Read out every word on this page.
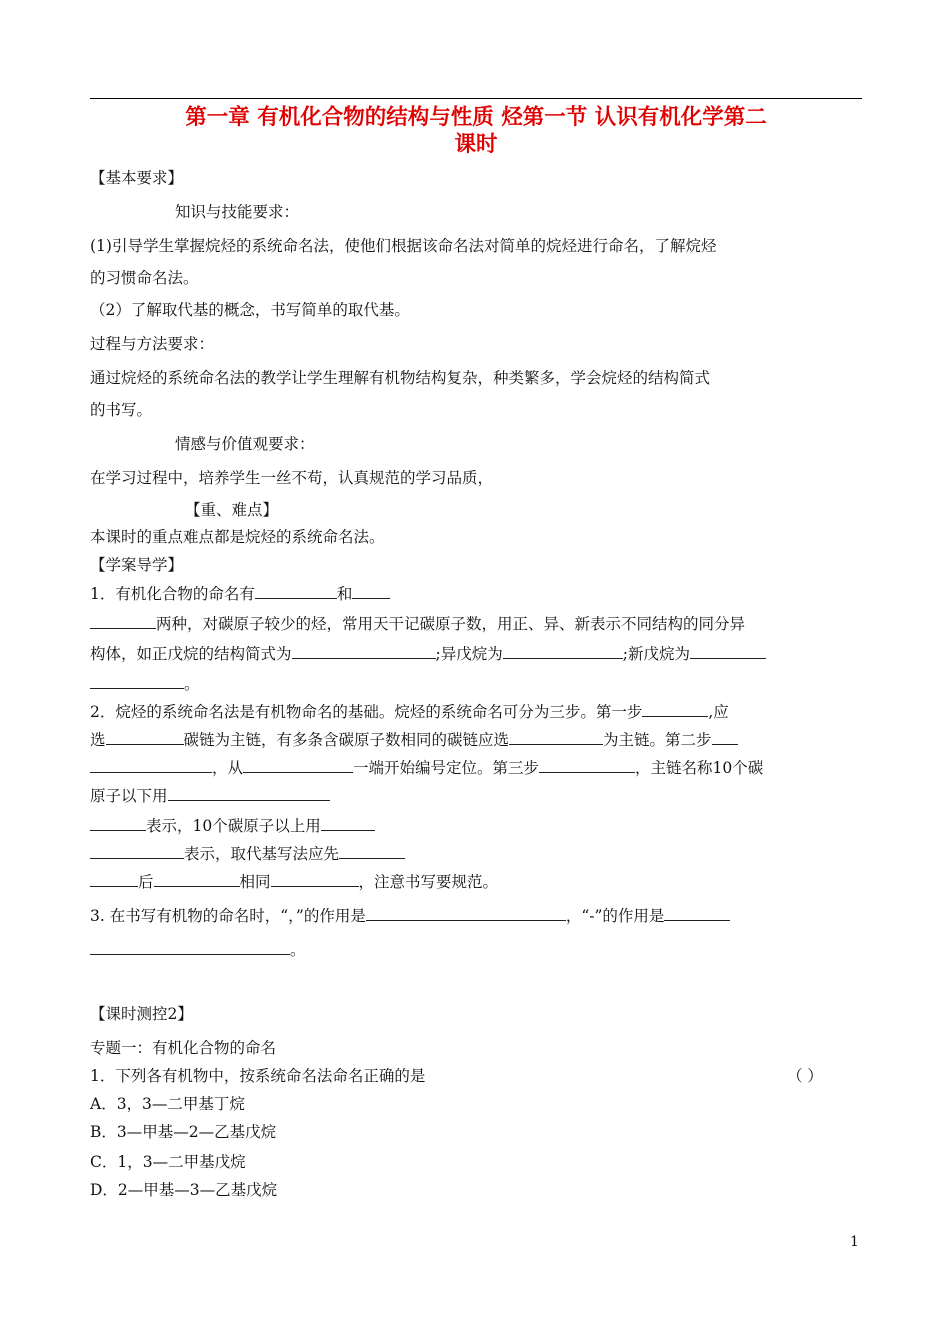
第一章 有机化合物的结构与性质 烃第一节 认识有机化学第二
课时
【基本要求】
知识与技能要求：
(1)引导学生掌握烷烃的系统命名法，使他们根据该命名法对简单的烷烃进行命名，了解烷烃
的习惯命名法。
（2）了解取代基的概念，书写简单的取代基。
过程与方法要求：
通过烷烃的系统命名法的教学让学生理解有机物结构复杂，种类繁多，学会烷烃的结构简式
的书写。
情感与价值观要求：
在学习过程中，培养学生一丝不苟，认真规范的学习品质，
【重、难点】
本课时的重点难点都是烷烃的系统命名法。
【学案导学】
1．有机化合物的命名有	和
两种，对碳原子较少的烃，常用天干记碳原子数，用正、异、新表示不同结构的同分异
构体，如正戊烷的结构简式为	;异戊烷为	;新戊烷为
。
2．烷烃的系统命名法是有机物命名的基础。烷烃的系统命名可分为三步。第一步	,应
选	碳链为主链，有多条含碳原子数相同的碳链应选	为主链。第二步
，从	一端开始编号定位。第三步	，主链名称10个碳
原子以下用
表示，10个碳原子以上用
表示，取代基写法应先
后	相同	，注意书写要规范。
3. 在书写有机物的命名时，“，”的作用是	，“-”的作用是
。
【课时测控2】
专题一：有机化合物的命名
1．下列各有机物中，按系统命名法命名正确的是	（ ）
A．3，3—二甲基丁烷
B．3—甲基—2—乙基戊烷
C．1，3—二甲基戊烷
D．2—甲基—3—乙基戊烷
1
